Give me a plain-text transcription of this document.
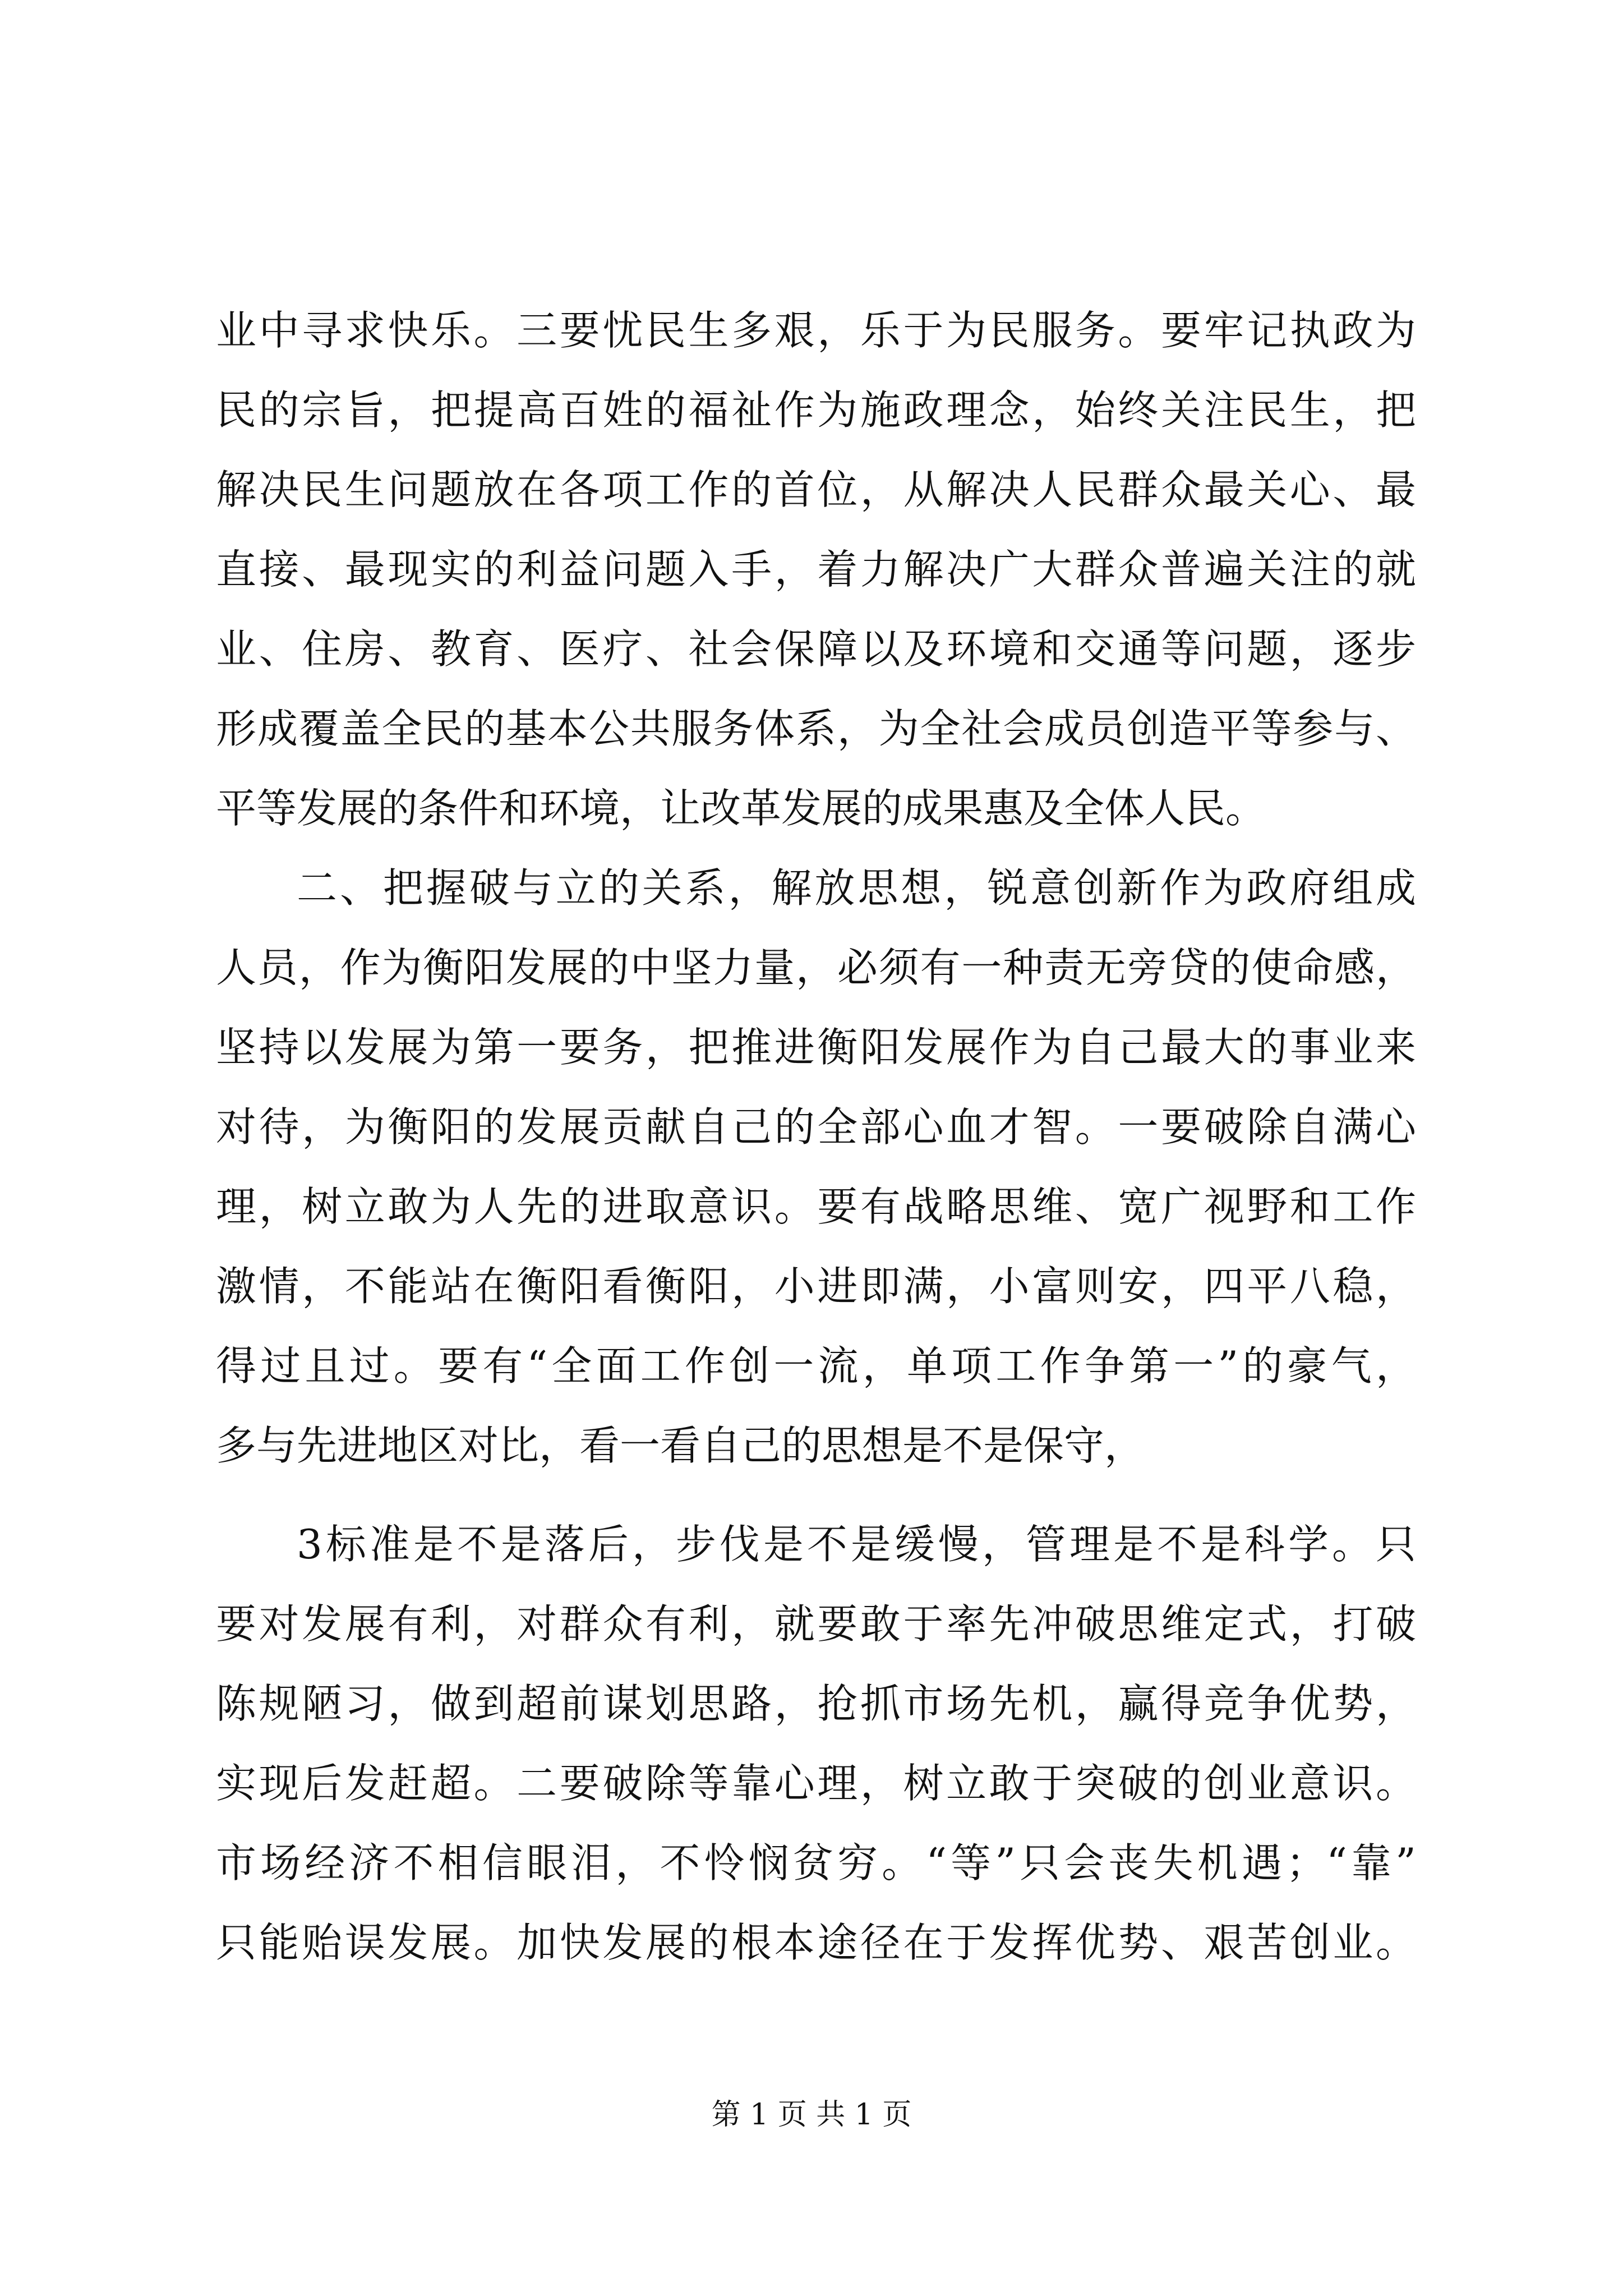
业中寻求快乐。三要忧民生多艰，乐于为民服务。要牢记执政为
民的宗旨，把提高百姓的福祉作为施政理念，始终关注民生，把
解决民生问题放在各项工作的首位，从解决人民群众最关心、最
直接、最现实的利益问题入手，着力解决广大群众普遍关注的就
业、住房、教育、医疗、社会保障以及环境和交通等问题，逐步
形成覆盖全民的基本公共服务体系，为全社会成员创造平等参与、
平等发展的条件和环境，让改革发展的成果惠及全体人民。
二、把握破与立的关系，解放思想，锐意创新作为政府组成
人员，作为衡阳发展的中坚力量，必须有一种责无旁贷的使命感，
坚持以发展为第一要务，把推进衡阳发展作为自己最大的事业来
对待，为衡阳的发展贡献自己的全部心血才智。一要破除自满心
理，树立敢为人先的进取意识。要有战略思维、宽广视野和工作
激情，不能站在衡阳看衡阳，小进即满，小富则安，四平八稳，
得过且过。要有“全面工作创一流，单项工作争第一”的豪气，
多与先进地区对比，看一看自己的思想是不是保守，
3标准是不是落后，步伐是不是缓慢，管理是不是科学。只
要对发展有利，对群众有利，就要敢于率先冲破思维定式，打破
陈规陋习，做到超前谋划思路，抢抓市场先机，赢得竞争优势，
实现后发赶超。二要破除等靠心理，树立敢于突破的创业意识。
市场经济不相信眼泪，不怜悯贫穷。“等”只会丧失机遇；“靠”
只能贻误发展。加快发展的根本途径在于发挥优势、艰苦创业。
第 1 页 共 1 页
